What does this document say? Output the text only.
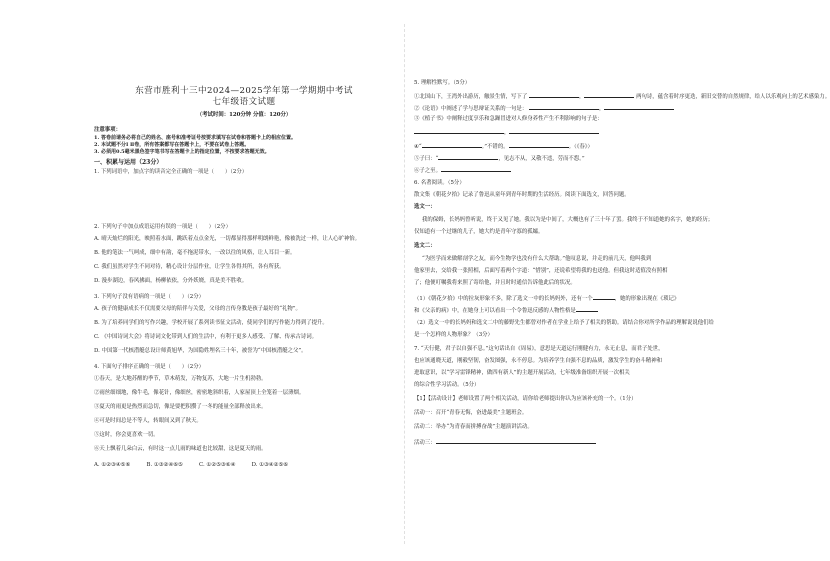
东营市胜利十三中2024—2025学年第一学期期中考试
七年级语文试题
（考试时间：120分钟 分值：120分）
注意事项：
1. 答卷前请务必将自己的姓名、座号和准考证号按要求填写在试卷和答题卡上的相应位置。
2. 本试题不分Ⅰ Ⅱ卷，所有答案都写在答题卡上，不要在试卷上答题。
3. 必须用0.5毫米黑色签字笔书写在答题卡上的指定位置，不按要求答题无效。
一、积累与运用（23分）
1. 下列词语中，加点字的读音完全正确的一项是（　　）（2分）
2. 下列句子中加点成语运用有误的一项是（　　）（2分）
A. 晴天灿烂的阳光，映照着水面，跳跃着点点金光，一切都显得那样明朗鲜艳，像被洗过一样，让人心旷神怡。
B. 他的笔法一气呵成，细中有韵，毫不拖泥带水，一改以往的风格，让人耳目一新。
C. 我们虽然对学生不同对待，精心设计分层作业，让学生各得其所，各有所获。
D. 漫步湖边，春风拂面，杨柳依依，分外妖娆，真是美不胜收。
3. 下列句子没有语病的一项是（　　）（2分）
A. 孩子的健康成长不仅需要父母的陪伴与关爱，父母的言传身教是孩子最好的“礼物”。
B. 为了培养同学们的写作兴趣，学校开展了系列读书征文活动，使同学们的写作能力得到了提升。
C. 《中国诗词大会》将诗词文化带到人们的生活中，有利于更多人感受、了解、传承古诗词。
D. 中国第一代核潜艇总设计师黄旭华，为国隐姓埋名三十年，被誉为“中国核潜艇之父”。
4. 下面句子排序正确的一项是（　　）（2分）
①春天，是大地苏醒的季节，草木萌发，万物复苏，大地一片生机勃勃。
②雨丝细细地，像牛毛，像花针，像细丝，密密地斜织着，人家屋顶上全笼着一层薄烟。
③夏天的雨更是热烈而急切，像是要把积攒了一冬的能量全部释放出来。
④可是时间总是不等人，转眼间又到了秋天。
⑤这时，你会更喜欢一切。
⑥天上飘着几朵白云，有时这一点儿雨的味道也比较甜，这是夏天的雨。
A. ①②③④⑤⑥　　　B. ①③②④⑥⑤　　　C. ①②⑤③⑥④　　　D. ①③④②⑤⑥
5. 理解性默写。（5分）
①北国山下，王湾外出游历，触景生情，写下了	，	两句诗，蕴含着时序更迭，新旧交替的自然规律，给人以乐观向上的艺术感染力。
②《论语》中阐述了学与思辩证关系的一句是：	，
③《植子书》中阐释过度享乐和急躁冒进对人修身养性产生不利影响的句子是：
，
④“	。”不错的。	。（《春》）
⑤子曰：“	，见志不从，又敬不违，劳而不怨。”
⑥子之至。
6. 名著阅读。（5分）
散文集《朝花夕拾》记录了鲁迅从童年到青年时期的生活经历。阅读下面选文，回答问题。
选文一：
我的保姆，长妈妈曾听说，终于又见了她。我以为是中间了，大概也有了三十年了罢。我终于不知道她的名字，她的经历；
仅知道有一个过继的儿子，她大约是青年守寡的孤孀。
选文二：
“为医学而来做解剖学之友，而今生物学也没有什么大帮助。”他叹息说，并走的前几天，他叫我到
他家里去，交给我一张照相，后面写着两个字道：“惜别”，还说希望将我的也送他。但我这时适值没有照相
了；他便叮嘱我将来照了寄给他，并且时时通信告诉他此后的状况。
（1）《朝花夕拾》中的拉灰形象不多，除了选文一中的长妈妈外，还有一个	，她的形象出现在《琐记》
和《父亲的病》中，在她身上可以看出一个令鲁迅反感的人物性格是
（2）选文一中的长妈妈和选文二中的藤野先生都曾对作者在学业上给予了相关的帮助。请结合你对所学作品的理解说说他们给
是一个怎样的人物形象？（3分）
7. “天行健，君子以自强不息。”这句话出自《周易》，意思是天道运行刚健有力，永无止息，而君子处世，
也应该通晓天道，刚毅坚韧，奋发图强，永不停息。为培养学生自强不息的品质，激发学生的奋斗精神和
进取意识，以“学习雷锋精神，做四有新人”的主题开展活动，七年级准备组织开展一次相关
的综合性学习活动。（5分）
【1】【活动设计】老师设置了两个相关活动，请你给老师提出你认为应该补充的一个。（1分）
活动一：召开“青春无悔，奋进最美”主题班会。
活动二：举办“为青春而拼搏奋战”主题演讲活动。
活动三：
